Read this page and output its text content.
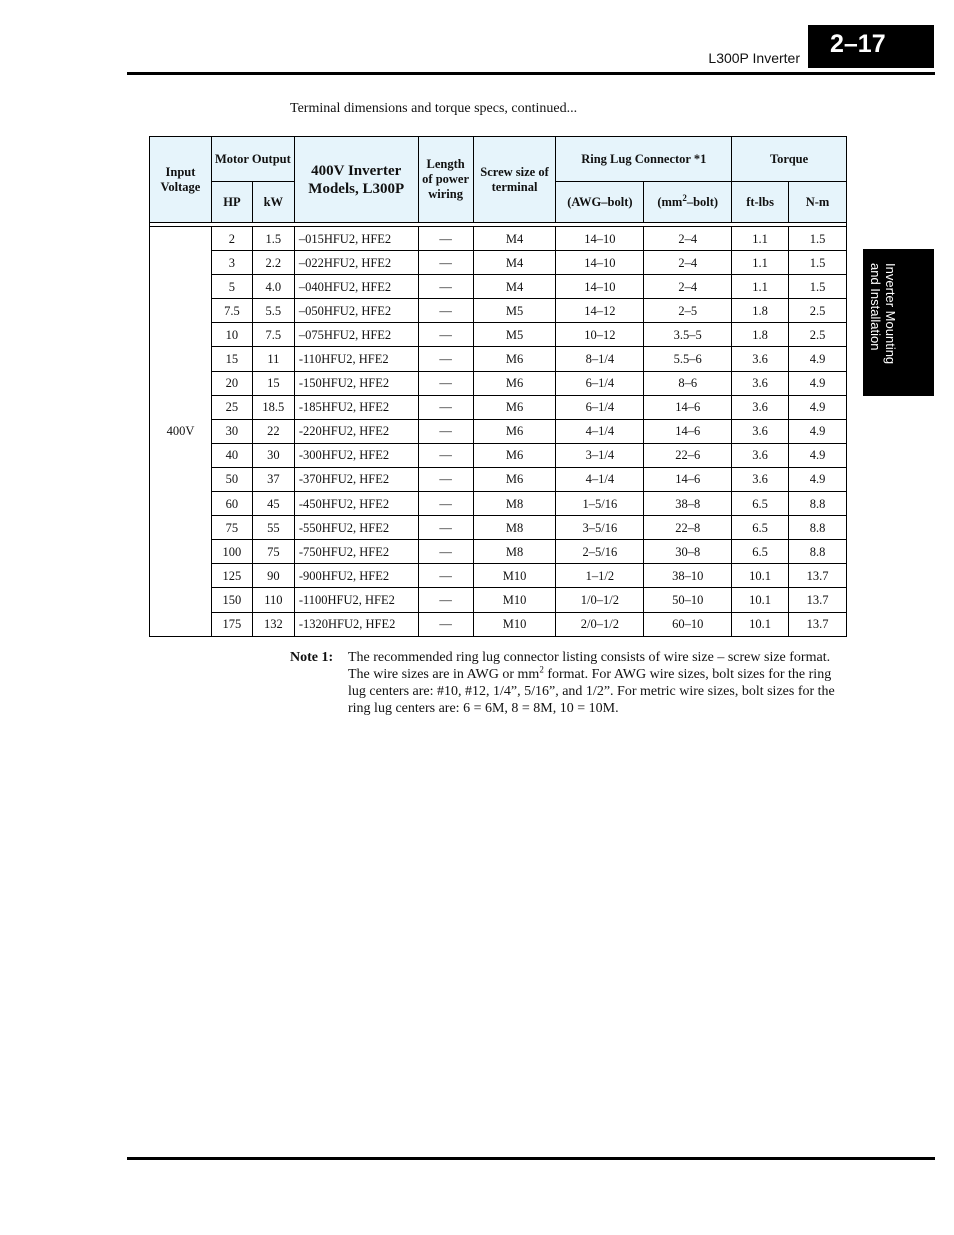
L300P Inverter	2–17
Inverter Mounting
and Installation
Terminal dimensions and torque specs, continued...
Input Voltage	Motor Output		400V Inverter Models, L300P	Length of power wiring	Screw size of terminal	Ring Lug Connector *1		Torque	
	HP	kW				(AWG–bolt)	$(mm^2-bolt)$	ft-lbs	N-m

400V	2	1.5	–015HFU2, HFE2	—	M4	14–10	2–4	1.1	1.5
	3	2.2	–022HFU2, HFE2	—	M4	14–10	2–4	1.1	1.5
	5	4.0	–040HFU2, HFE2	—	M4	14–10	2–4	1.1	1.5
	7.5	5.5	–050HFU2, HFE2	—	M5	14–12	2–5	1.8	2.5
	10	7.5	–075HFU2, HFE2	—	M5	10–12	3.5–5	1.8	2.5
	15	11	-110HFU2, HFE2	—	M6	8–1/4	5.5–6	3.6	4.9
	20	15	-150HFU2, HFE2	—	M6	6–1/4	8–6	3.6	4.9
	25	18.5	-185HFU2, HFE2	—	M6	6–1/4	14–6	3.6	4.9
	30	22	-220HFU2, HFE2	—	M6	4–1/4	14–6	3.6	4.9
	40	30	-300HFU2, HFE2	—	M6	3–1/4	22–6	3.6	4.9
	50	37	-370HFU2, HFE2	—	M6	4–1/4	14–6	3.6	4.9
	60	45	-450HFU2, HFE2	—	M8	1–5/16	38–8	6.5	8.8
	75	55	-550HFU2, HFE2	—	M8	3–5/16	22–8	6.5	8.8
	100	75	-750HFU2, HFE2	—	M8	2–5/16	30–8	6.5	8.8
	125	90	-900HFU2, HFE2	—	M10	1–1/2	38–10	10.1	13.7
	150	110	-1100HFU2, HFE2	—	M10	1/0–1/2	50–10	10.1	13.7
	175	132	-1320HFU2, HFE2	—	M10	2/0–1/2	60–10	10.1	13.7
Note 1: The recommended ring lug connector listing consists of wire size – screw size format. The wire sizes are in AWG or $mm^2$ format. For AWG wire sizes, bolt sizes for the ring lug centers are: #10, #12, 1/4”, 5/16”, and 1/2”. For metric wire sizes, bolt sizes for the ring lug centers are: 6 = 6M, 8 = 8M, 10 = 10M.
